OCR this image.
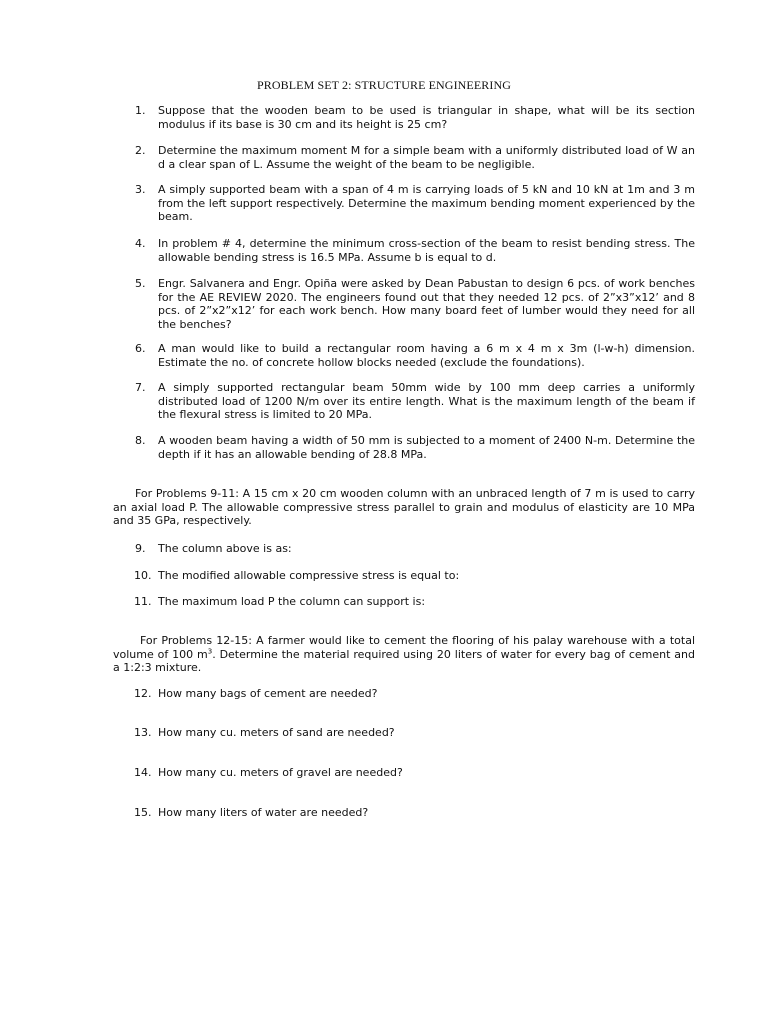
PROBLEM SET 2: STRUCTURE ENGINEERING
1. Suppose that the wooden beam to be used is triangular in shape, what will be its section modulus if its base is 30 cm and its height is 25 cm?
2. Determine the maximum moment M for a simple beam with a uniformly distributed load of W an d a clear span of L. Assume the weight of the beam to be negligible.
3. A simply supported beam with a span of 4 m is carrying loads of 5 kN and 10 kN at 1m and 3 m from the left support respectively. Determine the maximum bending moment experienced by the beam.
4. In problem # 4, determine the minimum cross-section of the beam to resist bending stress. The allowable bending stress is 16.5 MPa. Assume b is equal to d.
5. Engr. Salvanera and Engr. Opiña were asked by Dean Pabustan to design 6 pcs. of work benches for the AE REVIEW 2020. The engineers found out that they needed 12 pcs. of 2”x3”x12’ and 8 pcs. of 2”x2”x12’ for each work bench. How many board feet of lumber would they need for all the benches?
6. A man would like to build a rectangular room having a 6 m x 4 m x 3m (l-w-h) dimension. Estimate the no. of concrete hollow blocks needed (exclude the foundations).
7. A simply supported rectangular beam 50mm wide by 100 mm deep carries a uniformly distributed load of 1200 N/m over its entire length. What is the maximum length of the beam if the flexural stress is limited to 20 MPa.
8. A wooden beam having a width of 50 mm is subjected to a moment of 2400 N-m. Determine the depth if it has an allowable bending of 28.8 MPa.
For Problems 9-11: A 15 cm x 20 cm wooden column with an unbraced length of 7 m is used to carry an axial load P. The allowable compressive stress parallel to grain and modulus of elasticity are 10 MPa and 35 GPa, respectively.
9. The column above is as:
10. The modified allowable compressive stress is equal to:
11. The maximum load P the column can support is:
For Problems 12-15: A farmer would like to cement the flooring of his palay warehouse with a total volume of 100 $m^3$. Determine the material required using 20 liters of water for every bag of cement and a 1:2:3 mixture.
12. How many bags of cement are needed?
13. How many cu. meters of sand are needed?
14. How many cu. meters of gravel are needed?
15. How many liters of water are needed?
